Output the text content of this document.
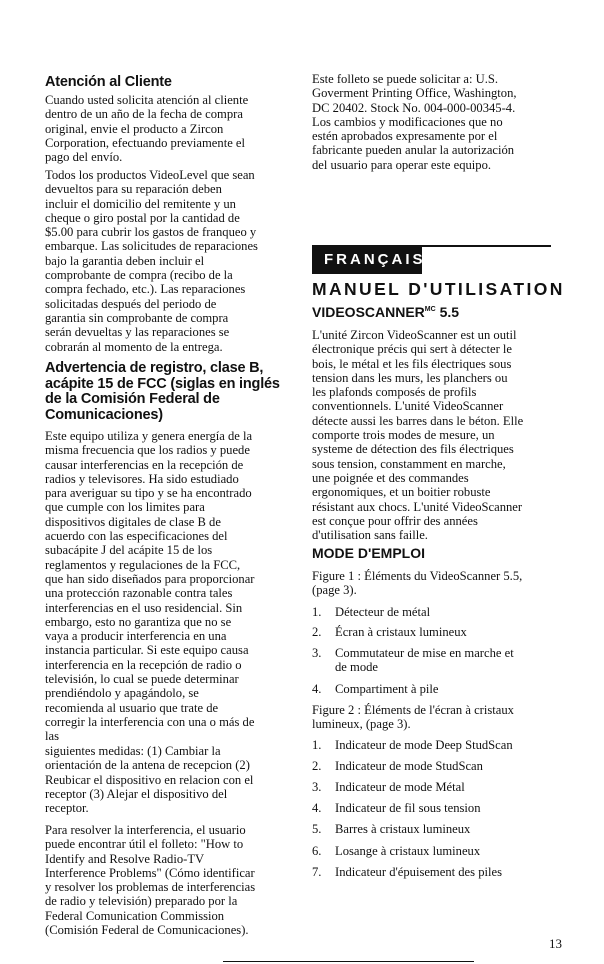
Atención al Cliente
Cuando usted solicita atención al cliente
dentro de un año de la fecha de compra
original, envie el producto a Zircon
Corporation, efectuando previamente el
pago del envío.
Todos los productos VideoLevel que sean
devueltos para su reparación deben
incluir el domicilio del remitente y un
cheque o giro postal por la cantidad de
$5.00 para cubrir los gastos de franqueo y
embarque. Las solicitudes de reparaciones
bajo la garantia deben incluir el
comprobante de compra (recibo de la
compra fechado, etc.). Las reparaciones
solicitadas después del periodo de
garantia sin comprobante de compra
serán devueltas y las reparaciones se
cobrarán al momento de la entrega.
Advertencia de registro, clase B,
acápite 15 de FCC (siglas en inglés
de la Comisión Federal de
Comunicaciones)
Este equipo utiliza y genera energía de la
misma frecuencia que los radios y puede
causar interferencias en la recepción de
radios y televisores. Ha sido estudiado
para averiguar su tipo y se ha encontrado
que cumple con los limites para
dispositivos digitales de clase B de
acuerdo con las especificaciones del
subacápite J del acápite 15 de los
reglamentos y regulaciones de la FCC,
que han sido diseñados para proporcionar
una protección razonable contra tales
interferencias en el uso residencial. Sin
embargo, esto no garantiza que no se
vaya a producir interferencia en una
instancia particular. Si este equipo causa
interferencia en la recepción de radio o
televisión, lo cual se puede determinar
prendiéndolo y apagándolo, se
recomienda al usuario que trate de
corregir la interferencia con una o más de
las
siguientes medidas: (1) Cambiar la
orientación de la antena de recepcion (2)
Reubicar el dispositivo en relacion con el
receptor (3) Alejar el dispositivo del
receptor.
Para resolver la interferencia, el usuario
puede encontrar útil el folleto: "How to
Identify and Resolve Radio-TV
Interference Problems" (Cómo identificar
y resolver los problemas de interferencias
de radio y televisión) preparado por la
Federal Comunication Commission
(Comisión Federal de Comunicaciones).
Este folleto se puede solicitar a: U.S.
Goverment Printing Office, Washington,
DC 20402. Stock No. 004-000-00345-4.
Los cambios y modificaciones que no
estén aprobados expresamente por el
fabricante pueden anular la autorización
del usuario para operar este equipo.
FRANÇAIS
MANUEL D'UTILISATION
$VIDEOSCANNER^{MC}$ 5.5
L'unité Zircon VideoScanner est un outil
électronique précis qui sert à détecter le
bois, le métal et les fils électriques sous
tension dans les murs, les planchers ou
les plafonds composés de profils
conventionnels. L'unité VideoScanner
détecte aussi les barres dans le béton. Elle
comporte trois modes de mesure, un
systeme de détection des fils électriques
sous tension, constamment en marche,
une poignée et des commandes
ergonomiques, et un boitier robuste
résistant aux chocs. L'unité VideoScanner
est conçue pour offrir des années
d'utilisation sans faille.
MODE D'EMPLOI
Figure 1 : Éléments du VideoScanner 5.5,
(page 3).
1. Détecteur de métal
2. Écran à cristaux lumineux
3. Commutateur de mise en marche et
de mode
4. Compartiment à pile
Figure 2 : Éléments de l'écran à cristaux
lumineux, (page 3).
1. Indicateur de mode Deep StudScan
2. Indicateur de mode StudScan
3. Indicateur de mode Métal
4. Indicateur de fil sous tension
5. Barres à cristaux lumineux
6. Losange à cristaux lumineux
7. Indicateur d'épuisement des piles
13
